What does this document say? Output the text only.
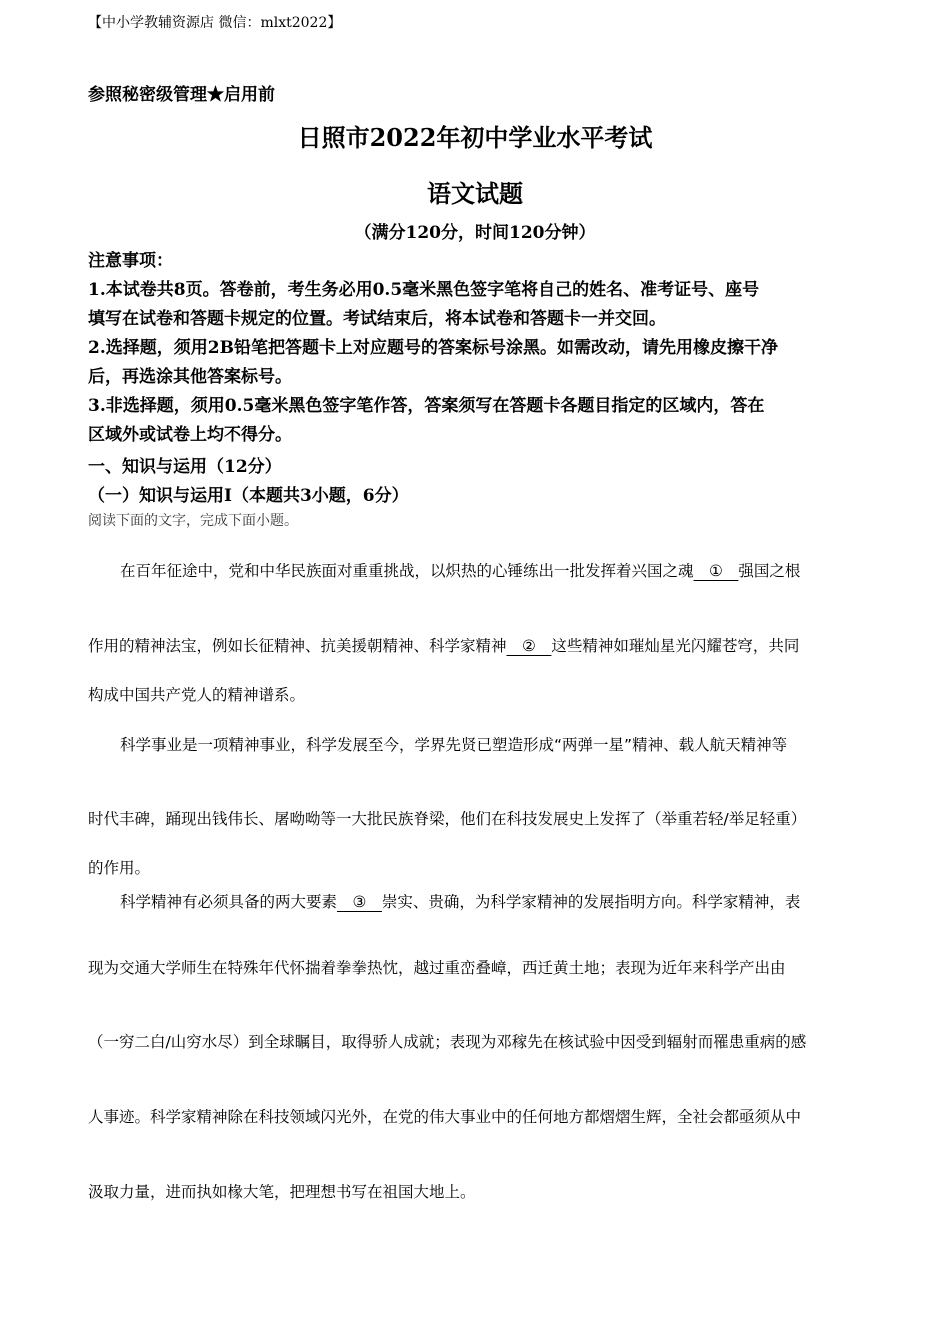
【中小学教辅资源店 微信：mlxt2022】
参照秘密级管理★启用前
日照市2022年初中学业水平考试
语文试题
（满分120分，时间120分钟）
注意事项：
1.本试卷共8页。答卷前，考生务必用0.5毫米黑色签字笔将自己的姓名、准考证号、座号
填写在试卷和答题卡规定的位置。考试结束后，将本试卷和答题卡一并交回。
2.选择题，须用2B铅笔把答题卡上对应题号的答案标号涂黑。如需改动，请先用橡皮擦干净
后，再选涂其他答案标号。
3.非选择题，须用0.5毫米黑色签字笔作答，答案须写在答题卡各题目指定的区域内，答在
区域外或试卷上均不得分。
一、知识与运用（12分）
（一）知识与运用Ⅰ（本题共3小题，6分）
阅读下面的文字，完成下面小题。
在百年征途中，党和中华民族面对重重挑战，以炽热的心锤练出一批发挥着兴国之魂　①　强国之根
作用的精神法宝，例如长征精神、抗美援朝精神、科学家精神　②　这些精神如璀灿星光闪耀苍穹，共同
构成中国共产党人的精神谱系。
科学事业是一项精神事业，科学发展至今，学界先贤已塑造形成“两弹一星”精神、载人航天精神等
时代丰碑，踊现出钱伟长、屠呦呦等一大批民族脊梁，他们在科技发展史上发挥了（举重若轻/举足轻重）
的作用。
科学精神有必须具备的两大要素　③　崇实、贵确，为科学家精神的发展指明方向。科学家精神，表
现为交通大学师生在特殊年代怀揣着拳拳热忱，越过重峦叠嶂，西迁黄土地；表现为近年来科学产出由
（一穷二白/山穷水尽）到全球瞩目，取得骄人成就；表现为邓稼先在核试验中因受到辐射而罹患重病的感
人事迹。科学家精神除在科技领域闪光外，在党的伟大事业中的任何地方都熠熠生辉，全社会都亟须从中
汲取力量，进而执如椽大笔，把理想书写在祖国大地上。
